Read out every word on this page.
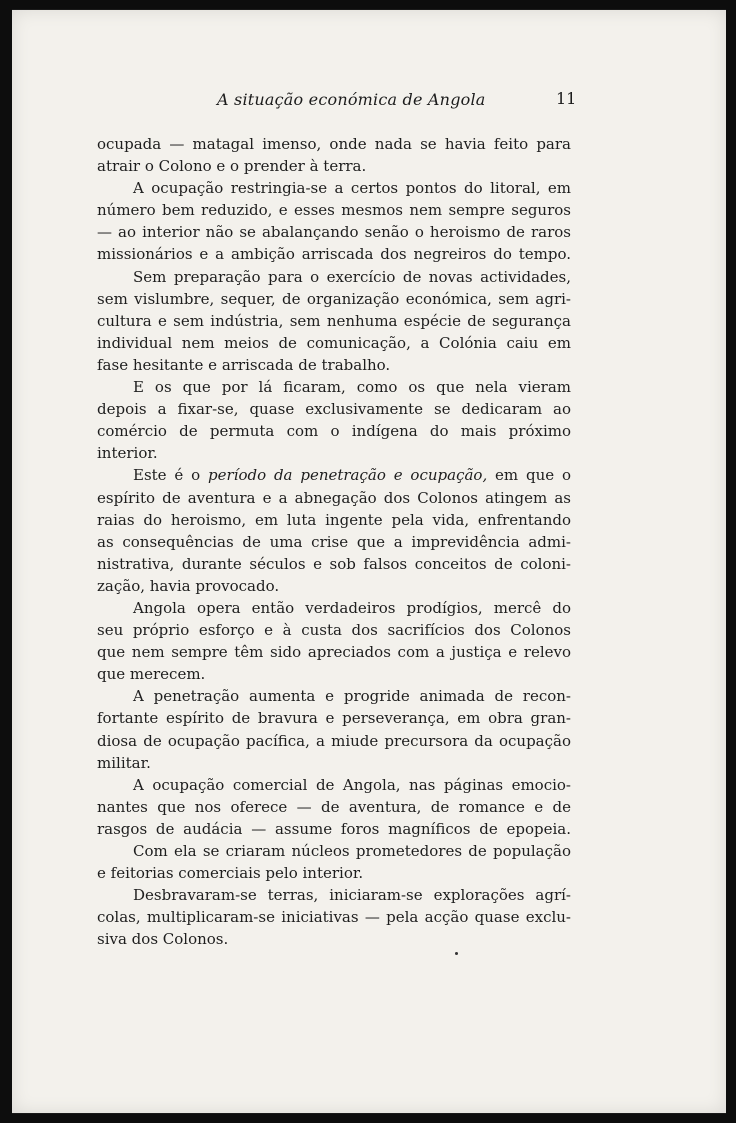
A situação económica de Angola	11
ocupada — matagal imenso, onde nada se havia feito para
atrair o Colono e o prender à terra.
A ocupação restringia-se a certos pontos do litoral, em
número bem reduzido, e esses mesmos nem sempre seguros
— ao interior não se abalançando senão o heroismo de raros
missionários e a ambição arriscada dos negreiros do tempo.
Sem preparação para o exercício de novas actividades,
sem vislumbre, sequer, de organização económica, sem agri-
cultura e sem indústria, sem nenhuma espécie de segurança
individual nem meios de comunicação, a Colónia caiu em
fase hesitante e arriscada de trabalho.
E os que por lá ficaram, como os que nela vieram
depois a fixar-se, quase exclusivamente se dedicaram ao
comércio de permuta com o indígena do mais próximo
interior.
Este é o período da penetração e ocupação, em que o
espírito de aventura e a abnegação dos Colonos atingem as
raias do heroismo, em luta ingente pela vida, enfrentando
as consequências de uma crise que a imprevidência admi-
nistrativa, durante séculos e sob falsos conceitos de coloni-
zação, havia provocado.
Angola opera então verdadeiros prodígios, mercê do
seu próprio esforço e à custa dos sacrifícios dos Colonos
que nem sempre têm sido apreciados com a justiça e relevo
que merecem.
A penetração aumenta e progride animada de recon-
fortante espírito de bravura e perseverança, em obra gran-
diosa de ocupação pacífica, a miude precursora da ocupação
militar.
A ocupação comercial de Angola, nas páginas emocio-
nantes que nos oferece — de aventura, de romance e de
rasgos de audácia — assume foros magníficos de epopeia.
Com ela se criaram núcleos prometedores de população
e feitorias comerciais pelo interior.
Desbravaram-se terras, iniciaram-se explorações agrí-
colas, multiplicaram-se iniciativas — pela acção quase exclu-
siva dos Colonos.
